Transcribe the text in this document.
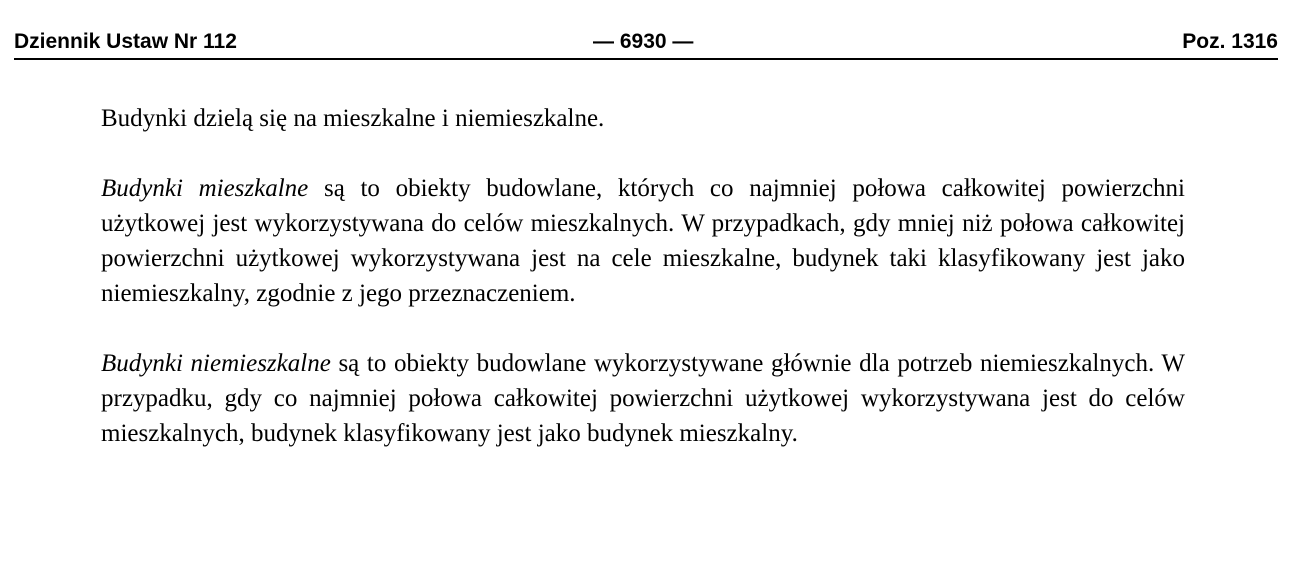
Dziennik Ustaw Nr 112	— 6930 —	Poz. 1316

Budynki dzielą się na mieszkalne i niemieszkalne.

Budynki mieszkalne są to obiekty budowlane, których co najmniej połowa całkowitej powierzchni użytkowej jest wykorzystywana do celów mieszkalnych. W przypadkach, gdy mniej niż połowa całkowitej powierzchni użytkowej wykorzystywana jest na cele mieszkalne, budynek taki klasyfikowany jest jako niemieszkalny, zgodnie z jego przeznaczeniem.

Budynki niemieszkalne są to obiekty budowlane wykorzystywane głównie dla potrzeb niemieszkalnych. W przypadku, gdy co najmniej połowa całkowitej powierzchni użytkowej wykorzystywana jest do celów mieszkalnych, budynek klasyfikowany jest jako budynek mieszkalny.
